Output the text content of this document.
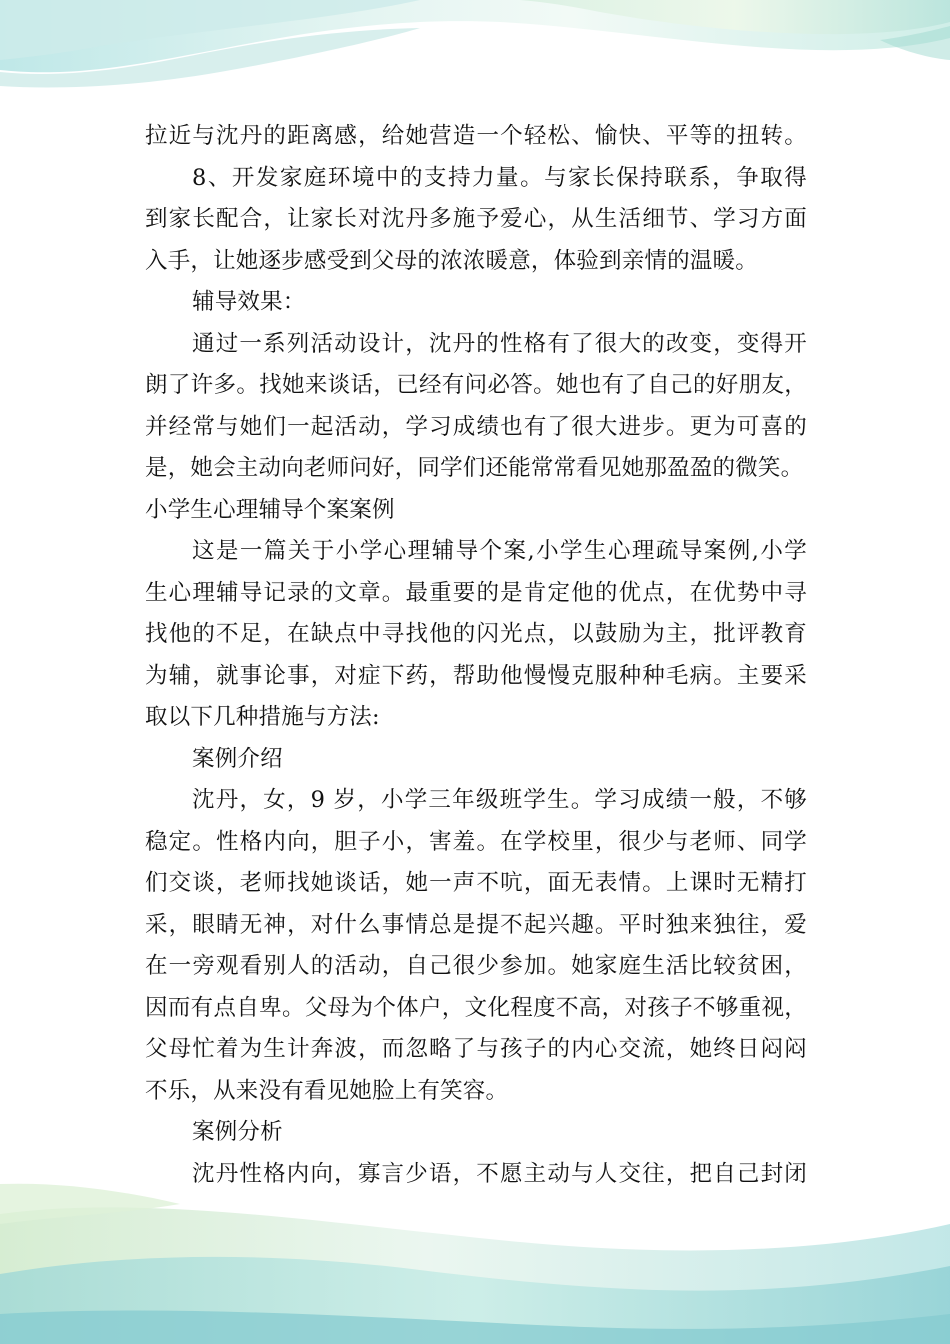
拉近与沈丹的距离感，给她营造一个轻松、愉快、平等的扭转。
8、开发家庭环境中的支持力量。与家长保持联系，争取得
到家长配合，让家长对沈丹多施予爱心，从生活细节、学习方面
入手，让她逐步感受到父母的浓浓暖意，体验到亲情的温暖。
辅导效果：
通过一系列活动设计，沈丹的性格有了很大的改变，变得开
朗了许多。找她来谈话，已经有问必答。她也有了自己的好朋友，
并经常与她们一起活动，学习成绩也有了很大进步。更为可喜的
是，她会主动向老师问好，同学们还能常常看见她那盈盈的微笑。
小学生心理辅导个案案例
这是一篇关于小学心理辅导个案,小学生心理疏导案例,小学
生心理辅导记录的文章。最重要的是肯定他的优点，在优势中寻
找他的不足，在缺点中寻找他的闪光点，以鼓励为主，批评教育
为辅，就事论事，对症下药，帮助他慢慢克服种种毛病。主要采
取以下几种措施与方法:
案例介绍
沈丹，女，9 岁，小学三年级班学生。学习成绩一般，不够
稳定。性格内向，胆子小，害羞。在学校里，很少与老师、同学
们交谈，老师找她谈话，她一声不吭，面无表情。上课时无精打
采，眼睛无神，对什么事情总是提不起兴趣。平时独来独往，爱
在一旁观看别人的活动，自己很少参加。她家庭生活比较贫困，
因而有点自卑。父母为个体户，文化程度不高，对孩子不够重视，
父母忙着为生计奔波，而忽略了与孩子的内心交流，她终日闷闷
不乐，从来没有看见她脸上有笑容。
案例分析
沈丹性格内向，寡言少语，不愿主动与人交往，把自己封闭
